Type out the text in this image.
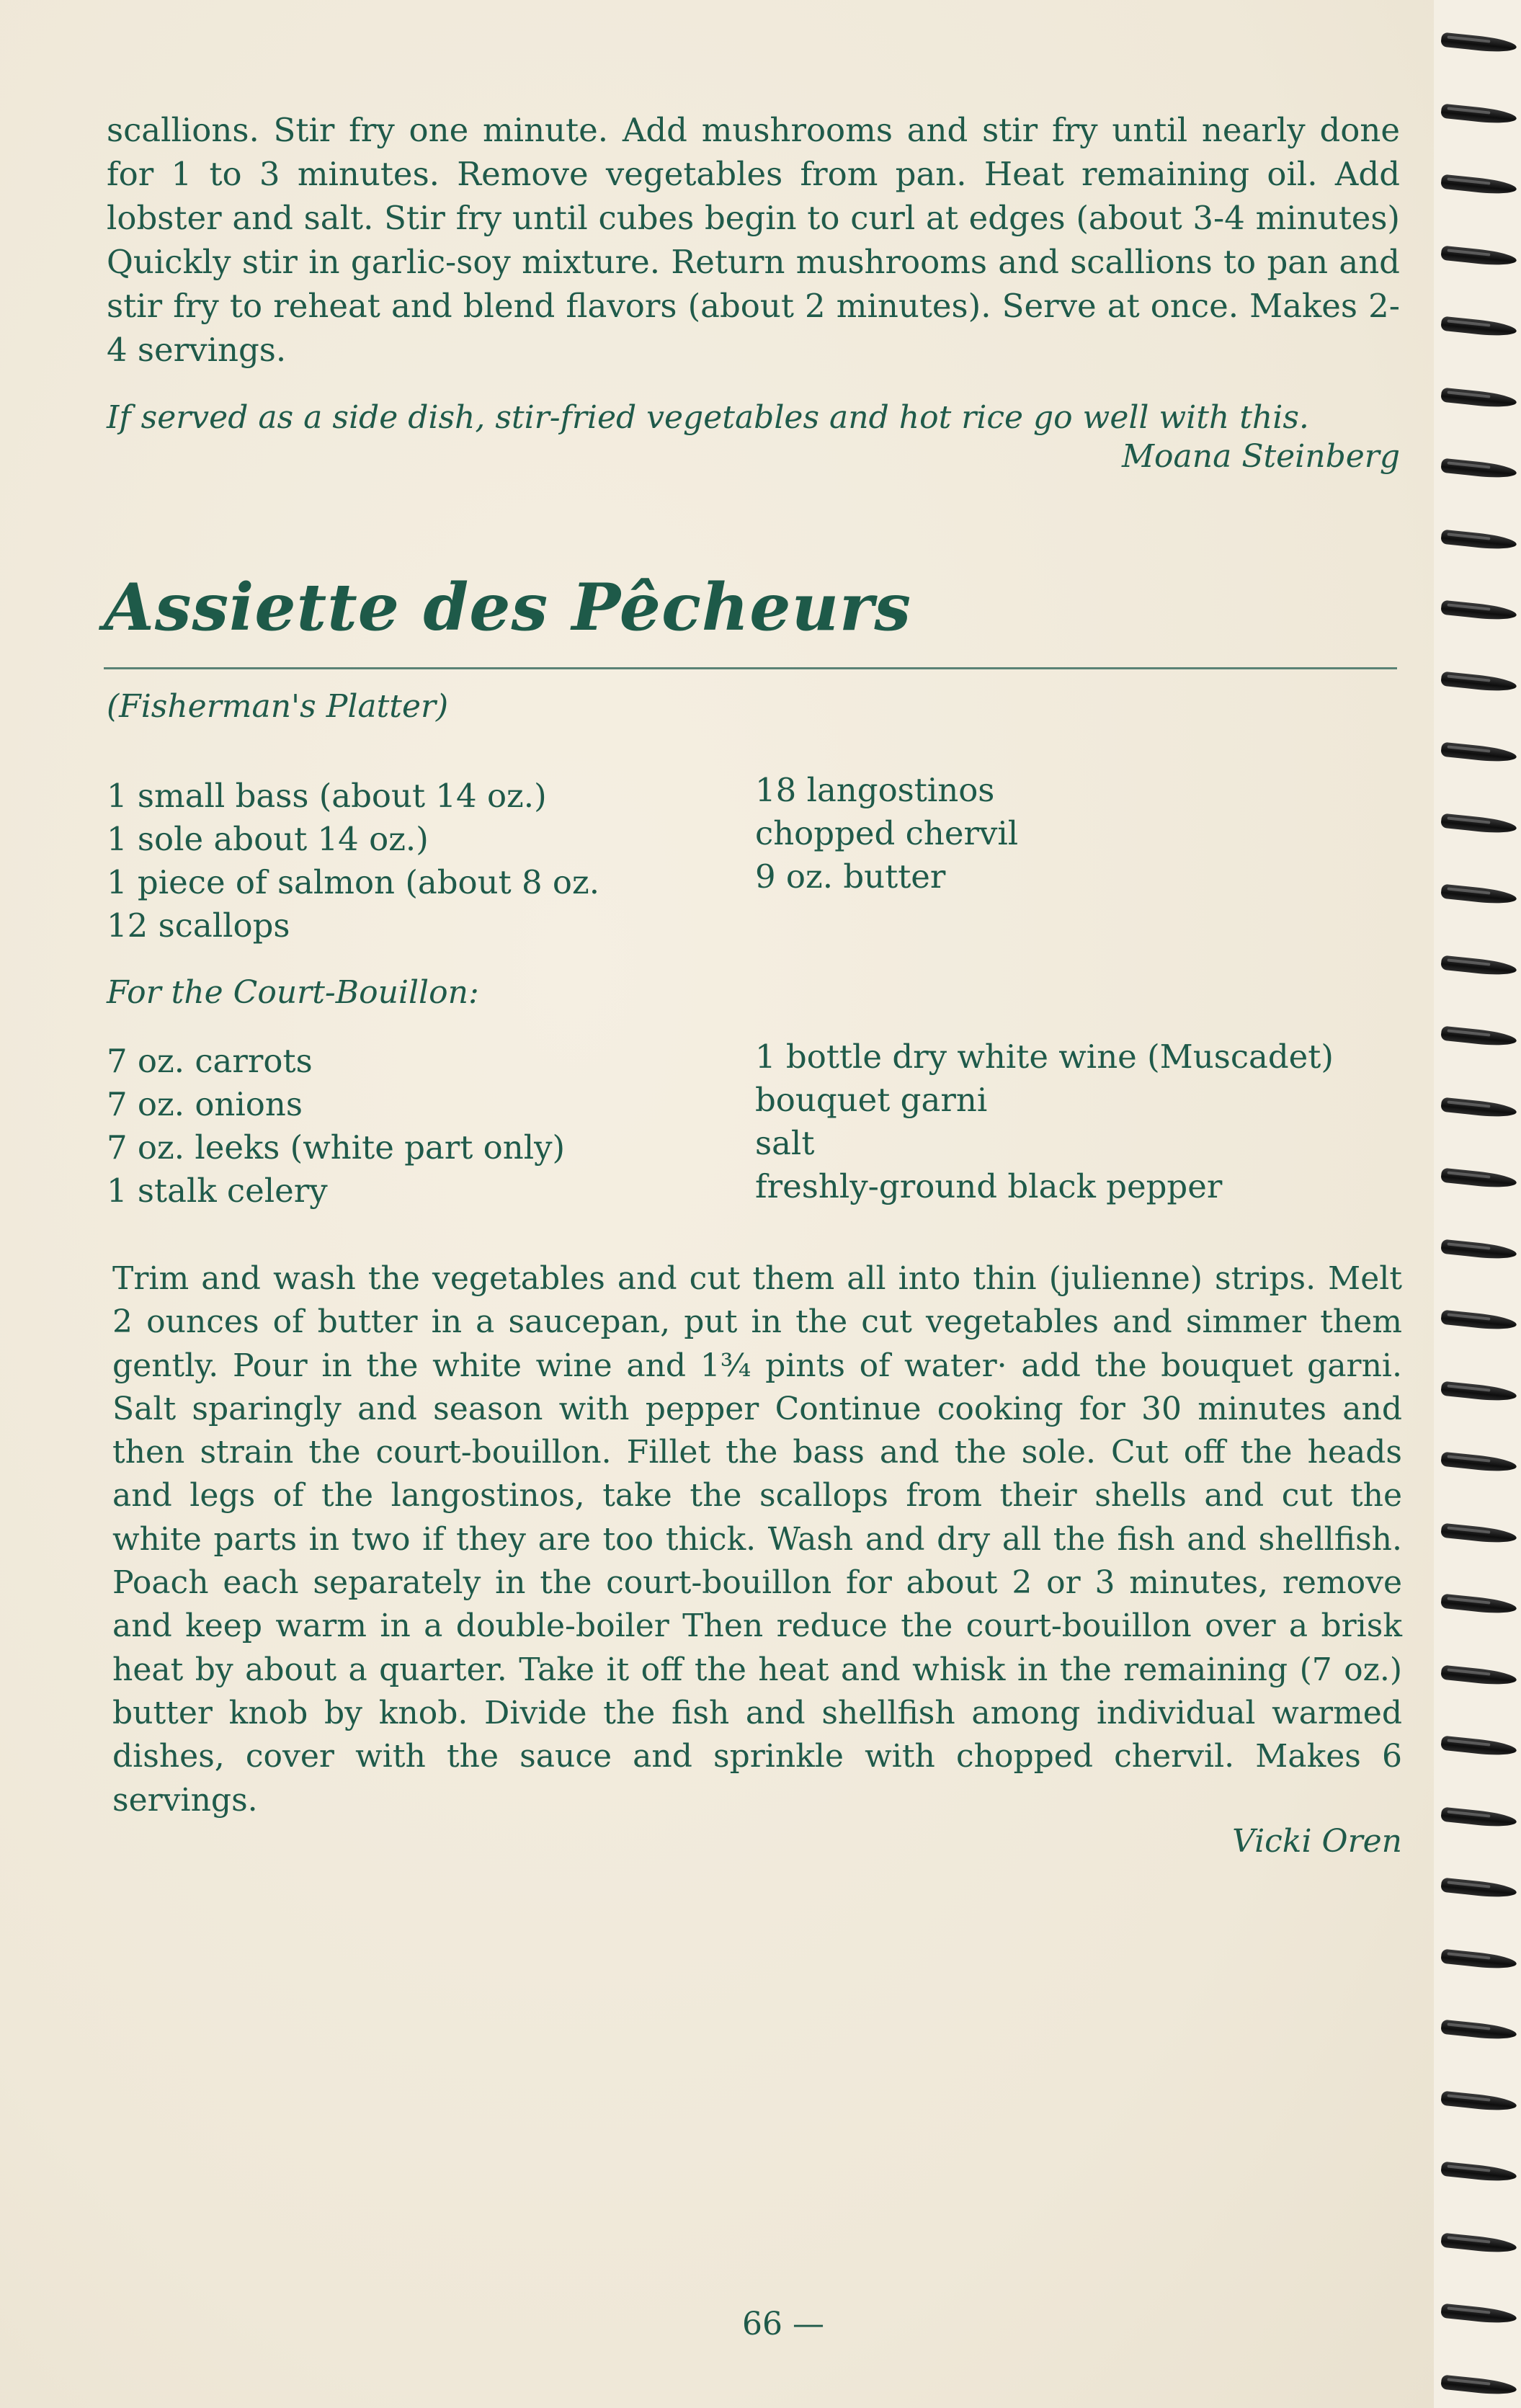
scallions. Stir fry one minute. Add mushrooms and stir fry until nearly done for 1 to 3 minutes. Remove vegetables from pan. Heat remaining oil. Add lobster and salt. Stir fry until cubes begin to curl at edges (about 3-4 minutes) Quickly stir in garlic-soy mixture. Return mushrooms and scallions to pan and stir fry to reheat and blend flavors (about 2 minutes). Serve at once. Makes 2-4 servings.

If served as a side dish, stir-fried vegetables and hot rice go well with this.

Moana Steinberg

Assiette des Pêcheurs

(Fisherman's Platter)

1 small bass (about 14 oz.)
1 sole about 14 oz.)
1 piece of salmon (about 8 oz.
12 scallops
18 langostinos
chopped chervil
9 oz. butter

For the Court-Bouillon:

7 oz. carrots
7 oz. onions
7 oz. leeks (white part only)
1 stalk celery
1 bottle dry white wine (Muscadet)
bouquet garni
salt
freshly-ground black pepper

Trim and wash the vegetables and cut them all into thin (julienne) strips. Melt 2 ounces of butter in a saucepan, put in the cut vegetables and simmer them gently. Pour in the white wine and 1¾ pints of water· add the bouquet garni. Salt sparingly and season with pepper Continue cooking for 30 minutes and then strain the court-bouillon. Fillet the bass and the sole. Cut off the heads and legs of the langostinos, take the scallops from their shells and cut the white parts in two if they are too thick. Wash and dry all the fish and shellfish. Poach each separately in the court-bouillon for about 2 or 3 minutes, remove and keep warm in a double-boiler Then reduce the court-bouillon over a brisk heat by about a quarter. Take it off the heat and whisk in the remaining (7 oz.) butter knob by knob. Divide the fish and shellfish among individual warmed dishes, cover with the sauce and sprinkle with chopped chervil. Makes 6 servings.

Vicki Oren

66 —
